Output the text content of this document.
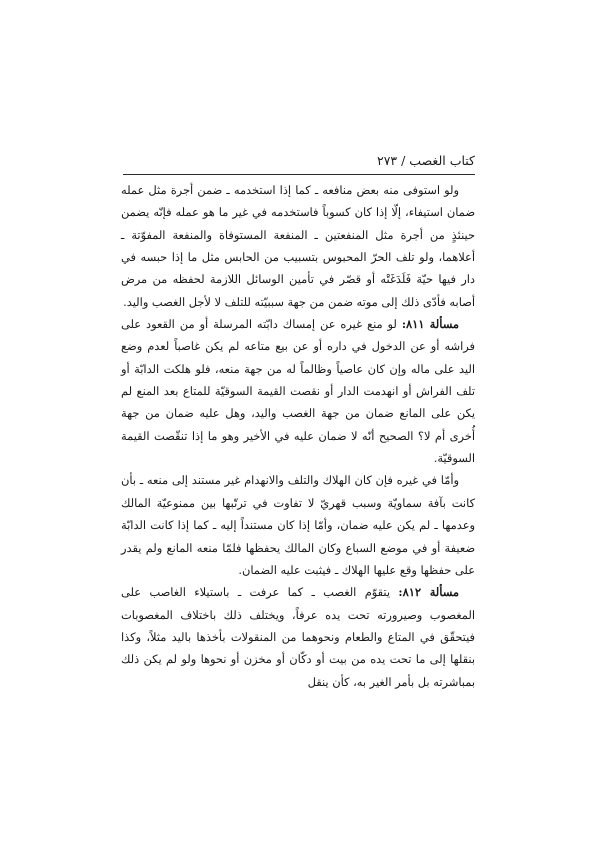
كتاب الغصب / ٢٧٣

ولو استوفى منه بعض منافعه ـ كما إذا استخدمه ـ ضمن أجرة مثل عمله ضمان استيفاء، إلّا إذا كان كسوباً فاستخدمه في غير ما هو عمله فإنّه يضمن حينئذٍ من أجرة مثل المنفعتين ـ المنفعة المستوفاة والمنفعة المفوّتة ـ أعلاهما، ولو تلف الحرّ المحبوس بتسبيب من الحابس مثل ما إذا حبسه في دار فيها حيّة فَلَدَغَتْه أو قصّر في تأمين الوسائل اللازمة لحفظه من مرض أصابه فأدّى ذلك إلى موته ضمن من جهة سببيّته للتلف لا لأجل الغصب واليد.

مسألة ٨١١: لو منع غيره عن إمساك دابّته المرسلة أو من القعود على فراشه أو عن الدخول في داره أو عن بيع متاعه لم يكن غاصباً لعدم وضع اليد على ماله وإن كان عاصياً وظالماً له من جهة منعه، فلو هلكت الدابّة أو تلف الفراش أو انهدمت الدار أو نقصت القيمة السوقيّة للمتاع بعد المنع لم يكن على المانع ضمان من جهة الغصب واليد، وهل عليه ضمان من جهة أُخرى أم لا؟ الصحيح أنّه لا ضمان عليه في الأخير وهو ما إذا تنقّصت القيمة السوقيّة.

وأمّا في غيره فإن كان الهلاك والتلف والانهدام غير مستند إلى منعه ـ بأن كانت بآفة سماويّة وسبب قهريّ لا تفاوت في ترتّبها بين ممنوعيّة المالك وعدمها ـ لم يكن عليه ضمان، وأمّا إذا كان مستنداً إليه ـ كما إذا كانت الدابّة ضعيفة أو في موضع السباع وكان المالك يحفظها فلمّا منعه المانع ولم يقدر على حفظها وقع عليها الهلاك ـ فيثبت عليه الضمان.

مسألة ٨١٢: يتقوّم الغصب ـ كما عرفت ـ باستيلاء الغاصب على المغصوب وصيرورته تحت يده عرفاً، ويختلف ذلك باختلاف المغصوبات فيتحقّق في المتاع والطعام ونحوهما من المنقولات بأخذها باليد مثلاً، وكذا بنقلها إلى ما تحت يده من بيت أو دكّان أو مخزن أو نحوها ولو لم يكن ذلك بمباشرته بل بأمر الغير به، كأن ينقل
